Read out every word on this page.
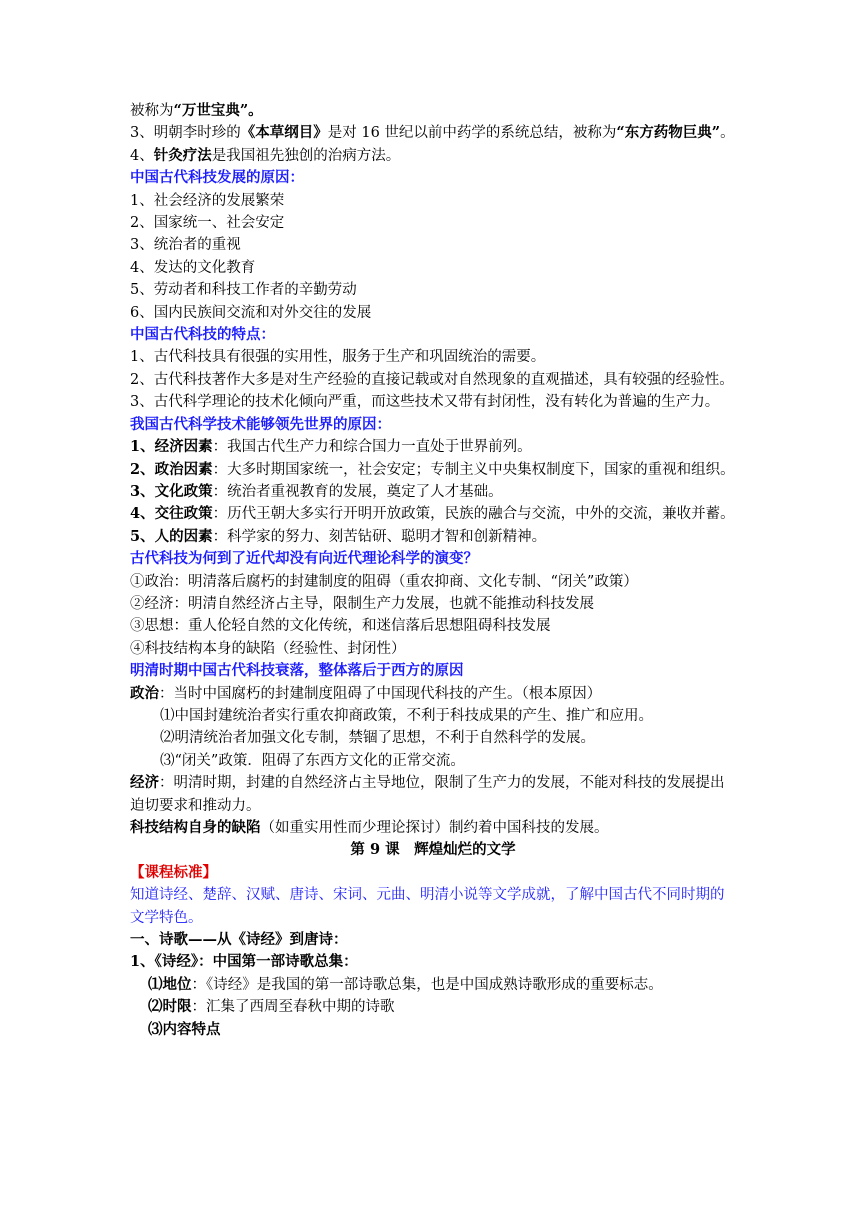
被称为“万世宝典”。
3、明朝李时珍的《本草纲目》是对 16 世纪以前中药学的系统总结，被称为“东方药物巨典”。
4、针灸疗法是我国祖先独创的治病方法。
中国古代科技发展的原因：
1、社会经济的发展繁荣
2、国家统一、社会安定
3、统治者的重视
4、发达的文化教育
5、劳动者和科技工作者的辛勤劳动
6、国内民族间交流和对外交往的发展
中国古代科技的特点：
1、古代科技具有很强的实用性，服务于生产和巩固统治的需要。
2、古代科技著作大多是对生产经验的直接记载或对自然现象的直观描述，具有较强的经验性。
3、古代科学理论的技术化倾向严重，而这些技术又带有封闭性，没有转化为普遍的生产力。
我国古代科学技术能够领先世界的原因：
1、经济因素：我国古代生产力和综合国力一直处于世界前列。
2、政治因素：大多时期国家统一，社会安定；专制主义中央集权制度下，国家的重视和组织。
3、文化政策：统治者重视教育的发展，奠定了人才基础。
4、交往政策：历代王朝大多实行开明开放政策，民族的融合与交流，中外的交流，兼收并蓄。
5、人的因素：科学家的努力、刻苦钻研、聪明才智和创新精神。
古代科技为何到了近代却没有向近代理论科学的演变？
①政治：明清落后腐朽的封建制度的阻碍（重农抑商、文化专制、“闭关”政策）
②经济：明清自然经济占主导，限制生产力发展，也就不能推动科技发展
③思想：重人伦轻自然的文化传统，和迷信落后思想阻碍科技发展
④科技结构本身的缺陷（经验性、封闭性）
明清时期中国古代科技衰落，整体落后于西方的原因
政治：当时中国腐朽的封建制度阻碍了中国现代科技的产生。（根本原因）
⑴中国封建统治者实行重农抑商政策，不利于科技成果的产生、推广和应用。
⑵明清统治者加强文化专制，禁锢了思想，不利于自然科学的发展。
⑶“闭关”政策．阻碍了东西方文化的正常交流。
经济：明清时期，封建的自然经济占主导地位，限制了生产力的发展，不能对科技的发展提出迫切要求和推动力。
科技结构自身的缺陷（如重实用性而少理论探讨）制约着中国科技的发展。
第 9 课　辉煌灿烂的文学
【课程标准】
知道诗经、楚辞、汉赋、唐诗、宋词、元曲、明清小说等文学成就，了解中国古代不同时期的文学特色。
一、诗歌——从《诗经》到唐诗：
1、《诗经》：中国第一部诗歌总集：
⑴地位：《诗经》是我国的第一部诗歌总集，也是中国成熟诗歌形成的重要标志。
⑵时限：汇集了西周至春秋中期的诗歌
⑶内容特点
